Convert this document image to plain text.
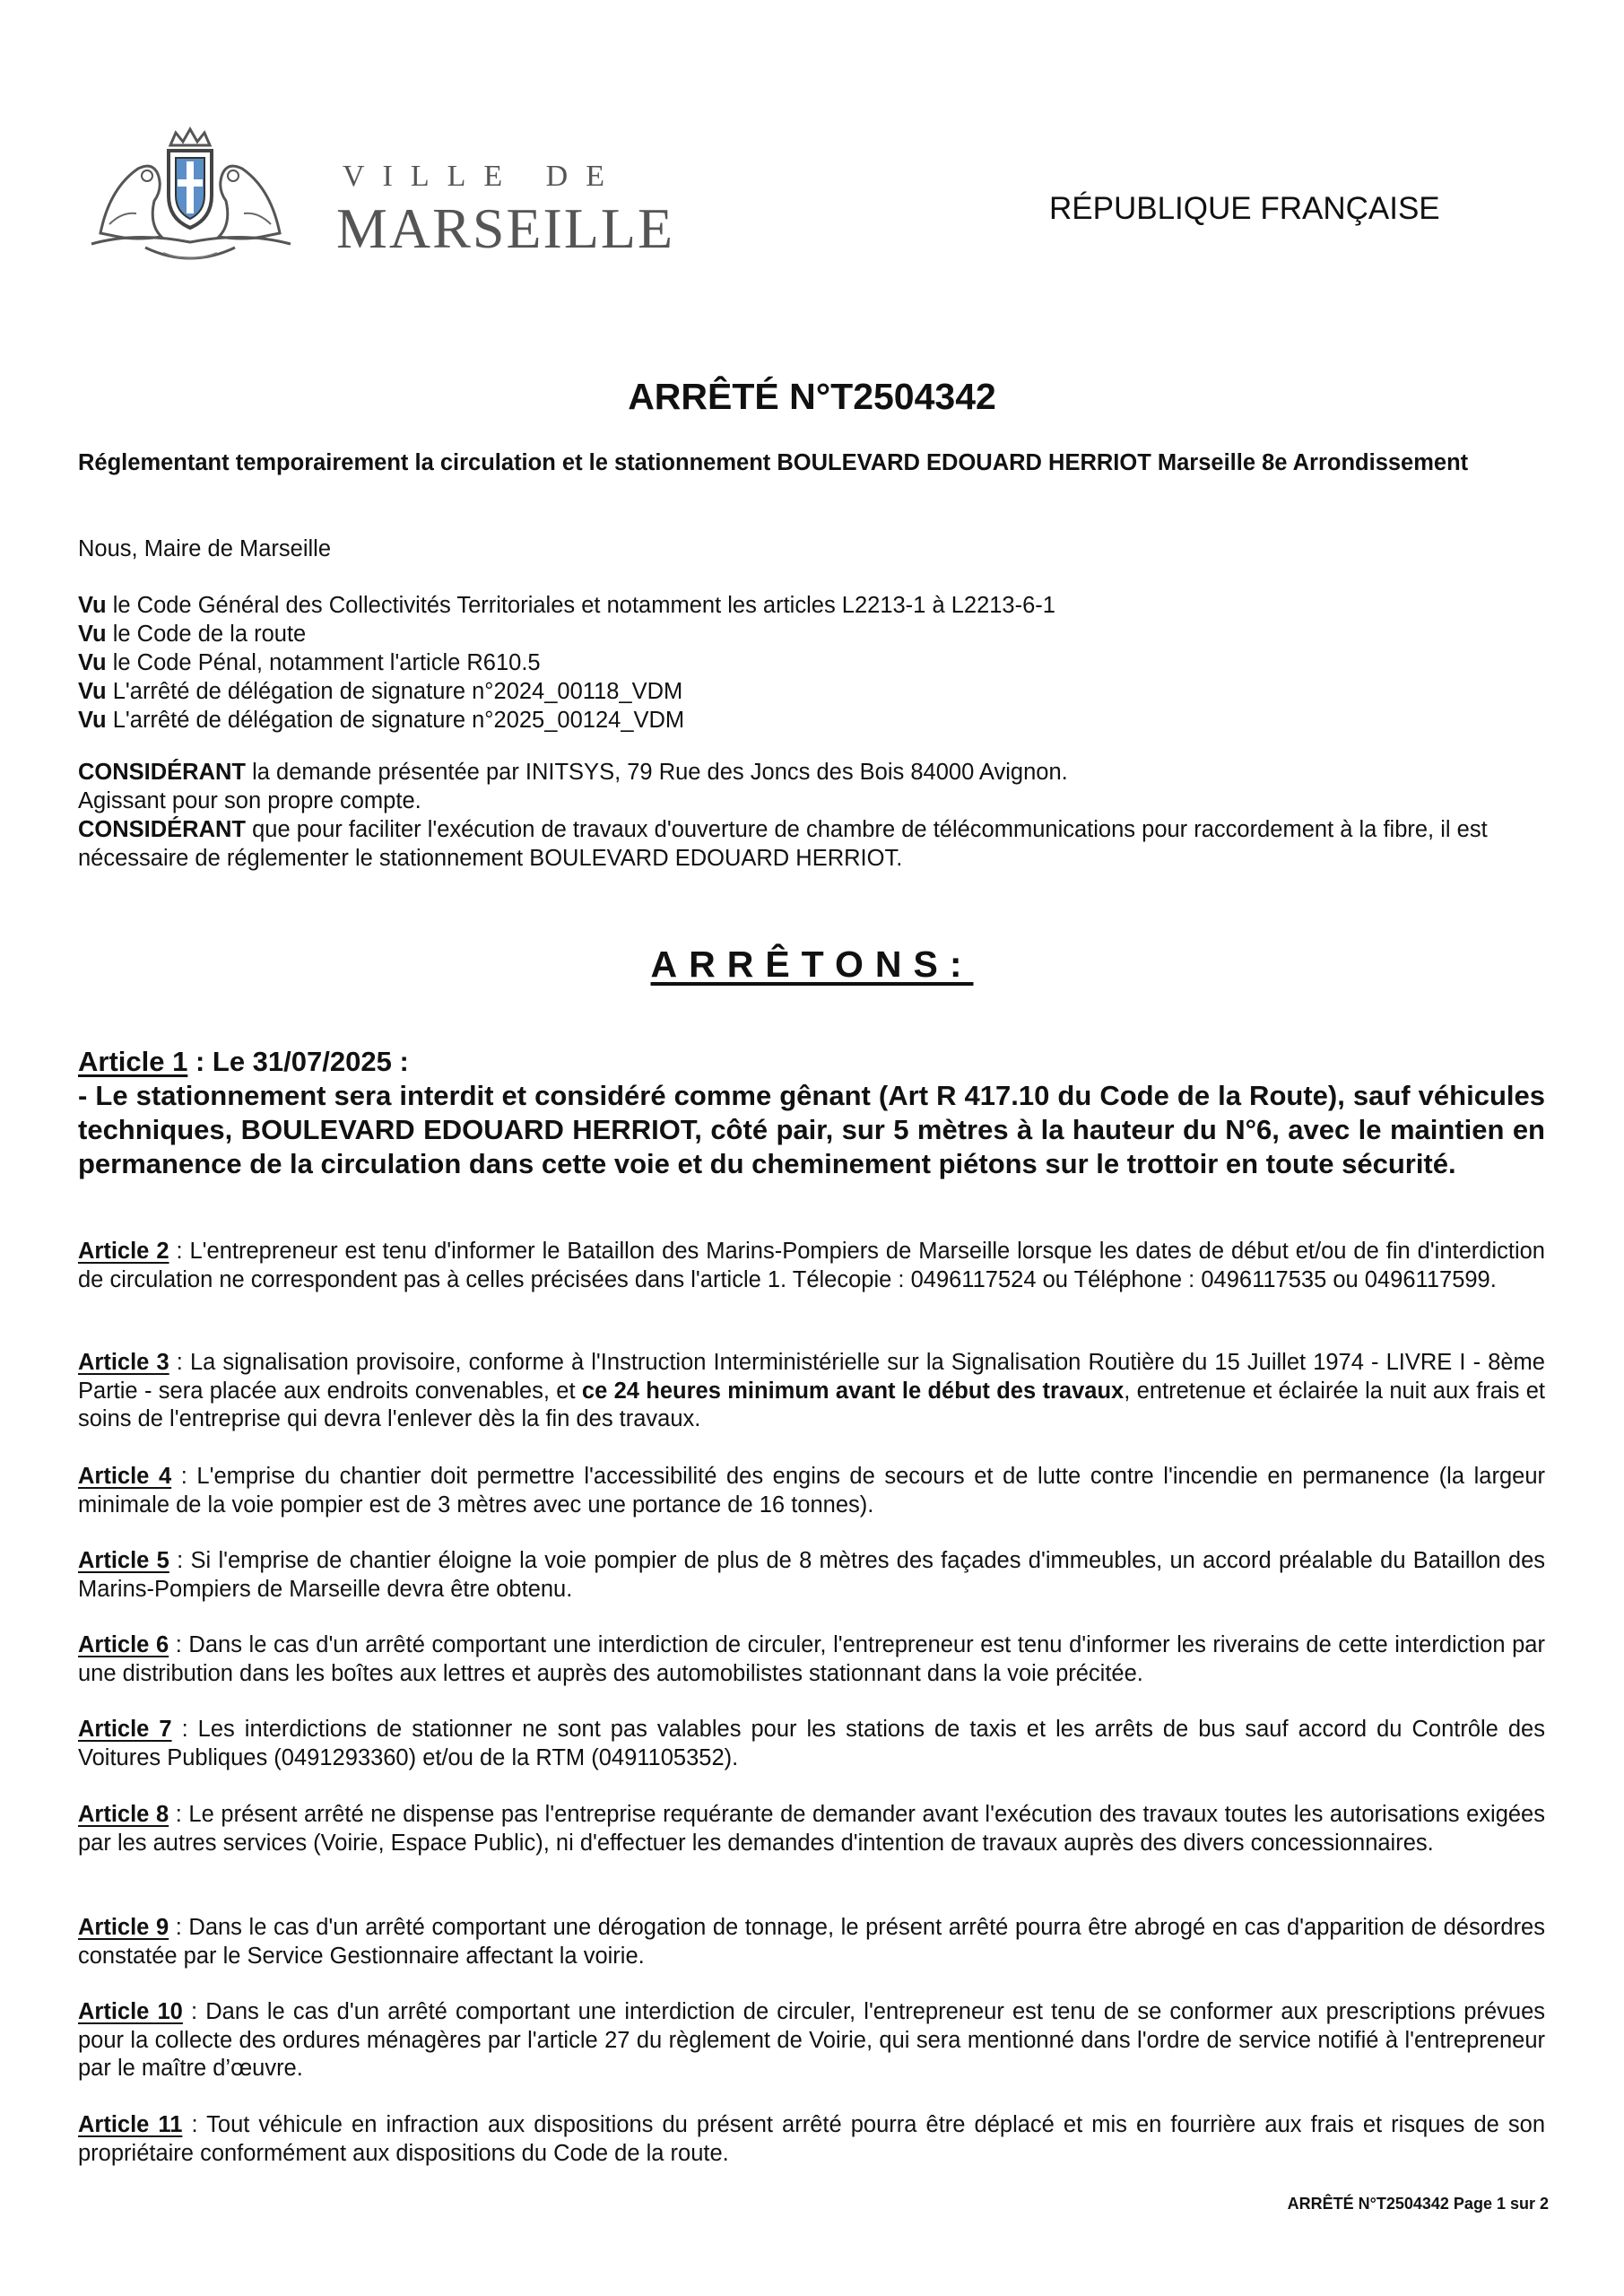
VILLE DE
MARSEILLE	RÉPUBLIQUE FRANÇAISE
ARRÊTÉ N°T2504342
Réglementant temporairement la circulation et le stationnement BOULEVARD EDOUARD HERRIOT Marseille 8e Arrondissement
Nous, Maire de Marseille
Vu le Code Général des Collectivités Territoriales et notamment les articles L2213-1 à L2213-6-1
Vu le Code de la route
Vu le Code Pénal, notamment l'article R610.5
Vu L'arrêté de délégation de signature n°2024_00118_VDM
Vu L'arrêté de délégation de signature n°2025_00124_VDM
CONSIDÉRANT la demande présentée par INITSYS, 79 Rue des Joncs des Bois 84000 Avignon.
Agissant pour son propre compte.
CONSIDÉRANT que pour faciliter l'exécution de travaux d'ouverture de chambre de télécommunications pour raccordement à la fibre, il est nécessaire de réglementer le stationnement BOULEVARD EDOUARD HERRIOT.
ARRÊTONS:
Article 1 : Le 31/07/2025 :
- Le stationnement sera interdit et considéré comme gênant (Art R 417.10 du Code de la Route), sauf véhicules techniques, BOULEVARD EDOUARD HERRIOT, côté pair, sur 5 mètres à la hauteur du N°6, avec le maintien en permanence de la circulation dans cette voie et du cheminement piétons sur le trottoir en toute sécurité.
Article 2 : L'entrepreneur est tenu d'informer le Bataillon des Marins-Pompiers de Marseille lorsque les dates de début et/ou de fin d'interdiction de circulation ne correspondent pas à celles précisées dans l'article 1. Télecopie : 0496117524 ou Téléphone : 0496117535 ou 0496117599.
Article 3 : La signalisation provisoire, conforme à l'Instruction Interministérielle sur la Signalisation Routière du 15 Juillet 1974 - LIVRE I - 8ème Partie - sera placée aux endroits convenables, et ce 24 heures minimum avant le début des travaux, entretenue et éclairée la nuit aux frais et soins de l'entreprise qui devra l'enlever dès la fin des travaux.
Article 4 : L'emprise du chantier doit permettre l'accessibilité des engins de secours et de lutte contre l'incendie en permanence (la largeur minimale de la voie pompier est de 3 mètres avec une portance de 16 tonnes).
Article 5 : Si l'emprise de chantier éloigne la voie pompier de plus de 8 mètres des façades d'immeubles, un accord préalable du Bataillon des Marins-Pompiers de Marseille devra être obtenu.
Article 6 : Dans le cas d'un arrêté comportant une interdiction de circuler, l'entrepreneur est tenu d'informer les riverains de cette interdiction par une distribution dans les boîtes aux lettres et auprès des automobilistes stationnant dans la voie précitée.
Article 7 : Les interdictions de stationner ne sont pas valables pour les stations de taxis et les arrêts de bus sauf accord du Contrôle des Voitures Publiques (0491293360) et/ou de la RTM (0491105352).
Article 8 : Le présent arrêté ne dispense pas l'entreprise requérante de demander avant l'exécution des travaux toutes les autorisations exigées par les autres services (Voirie, Espace Public), ni d'effectuer les demandes d'intention de travaux auprès des divers concessionnaires.
Article 9 : Dans le cas d'un arrêté comportant une dérogation de tonnage, le présent arrêté pourra être abrogé en cas d'apparition de désordres constatée par le Service Gestionnaire affectant la voirie.
Article 10 : Dans le cas d'un arrêté comportant une interdiction de circuler, l'entrepreneur est tenu de se conformer aux prescriptions prévues pour la collecte des ordures ménagères par l'article 27 du règlement de Voirie, qui sera mentionné dans l'ordre de service notifié à l'entrepreneur par le maître d’œuvre.
Article 11 : Tout véhicule en infraction aux dispositions du présent arrêté pourra être déplacé et mis en fourrière aux frais et risques de son propriétaire conformément aux dispositions du Code de la route.
ARRÊTÉ N°T2504342 Page 1 sur 2
